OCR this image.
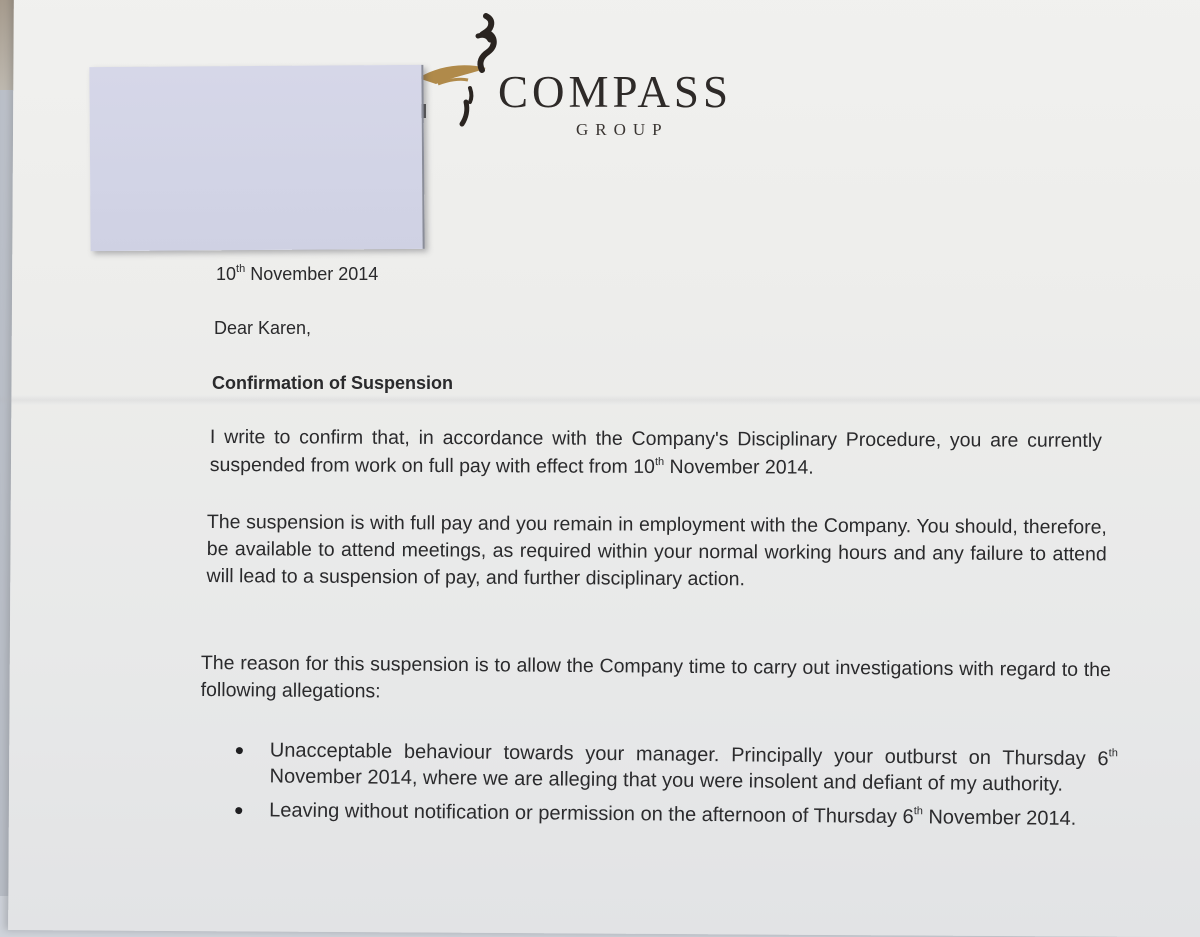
COMPASS

GROUP

10th November 2014

Dear Karen,

Confirmation of Suspension

I write to confirm that, in accordance with the Company's Disciplinary Procedure, you are currently suspended from work on full pay with effect from 10th November 2014.

The suspension is with full pay and you remain in employment with the Company. You should, therefore, be available to attend meetings, as required within your normal working hours and any failure to attend will lead to a suspension of pay, and further disciplinary action.

The reason for this suspension is to allow the Company time to carry out investigations with regard to the following allegations:

Unacceptable behaviour towards your manager. Principally your outburst on Thursday 6th November 2014, where we are alleging that you were insolent and defiant of my authority.
Leaving without notification or permission on the afternoon of Thursday 6th November 2014.
